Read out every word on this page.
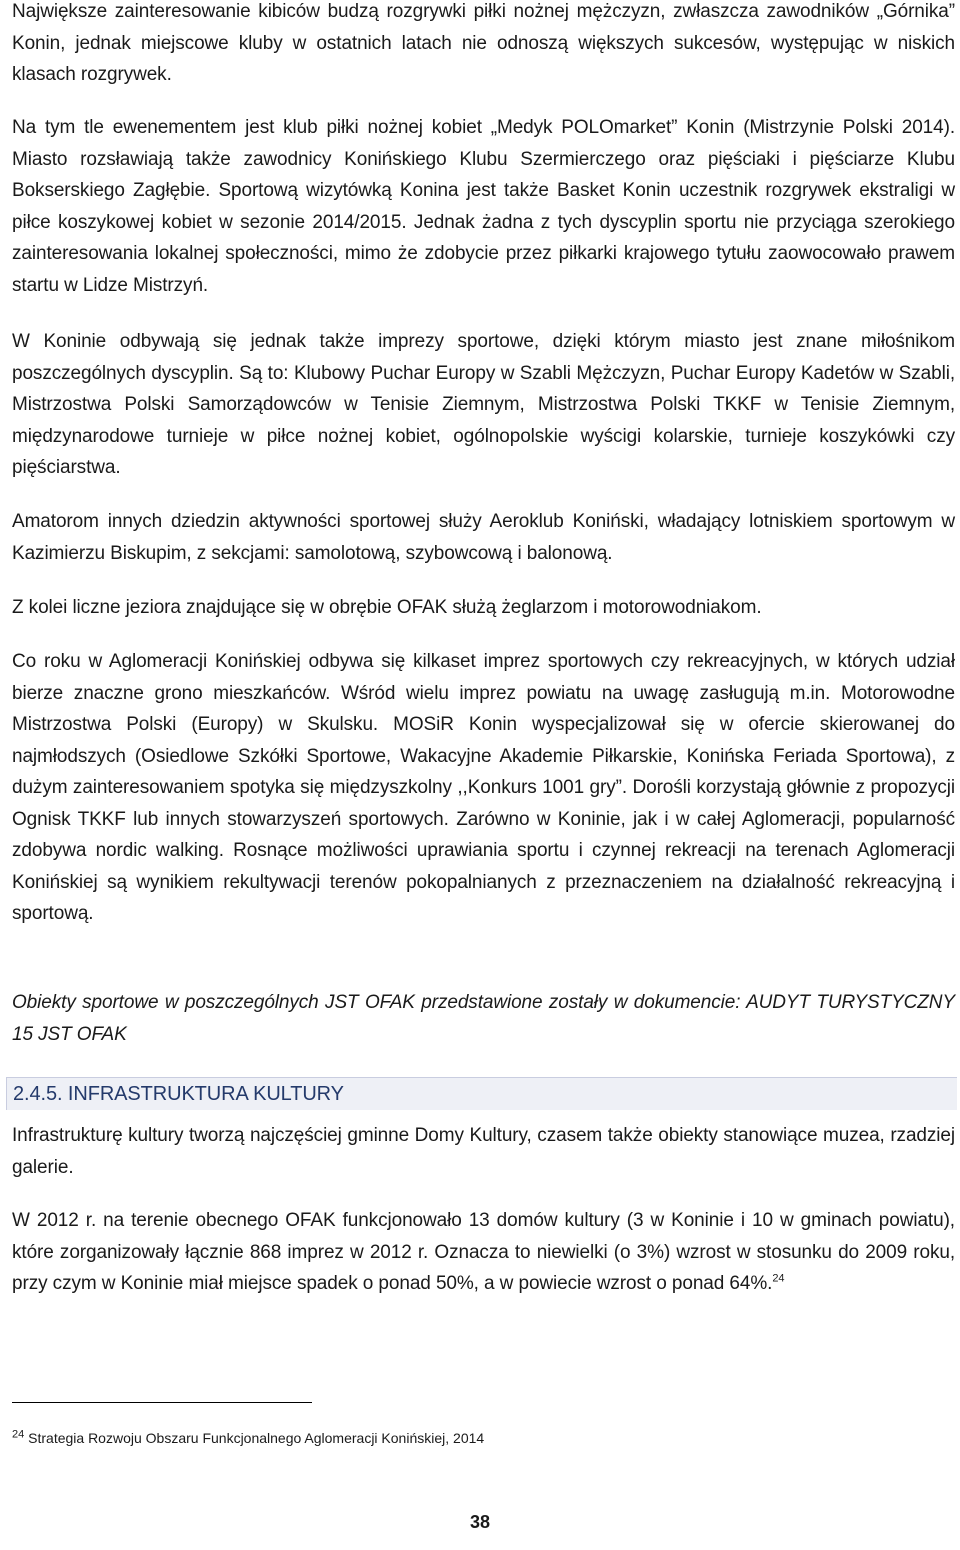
Największe zainteresowanie kibiców budzą rozgrywki piłki nożnej mężczyzn, zwłaszcza zawodników „Górnika” Konin, jednak miejscowe kluby w ostatnich latach nie odnoszą większych sukcesów, występując w niskich klasach rozgrywek.

Na tym tle ewenementem jest klub piłki nożnej kobiet „Medyk POLOmarket” Konin (Mistrzynie Polski 2014). Miasto rozsławiają także zawodnicy Konińskiego Klubu Szermierczego oraz pięściaki i pięściarze Klubu Bokserskiego Zagłębie. Sportową wizytówką Konina jest także Basket Konin uczestnik rozgrywek ekstraligi w piłce koszykowej kobiet w sezonie 2014/2015. Jednak żadna z tych dyscyplin sportu nie przyciąga szerokiego zainteresowania lokalnej społeczności, mimo że zdobycie przez piłkarki krajowego tytułu zaowocowało prawem startu w Lidze Mistrzyń.

W Koninie odbywają się jednak także imprezy sportowe, dzięki którym miasto jest znane miłośnikom poszczególnych dyscyplin. Są to: Klubowy Puchar Europy w Szabli Mężczyzn, Puchar Europy Kadetów w Szabli, Mistrzostwa Polski Samorządowców w Tenisie Ziemnym, Mistrzostwa Polski TKKF w Tenisie Ziemnym, międzynarodowe turnieje w piłce nożnej kobiet, ogólnopolskie wyścigi kolarskie, turnieje koszykówki czy pięściarstwa.

Amatorom innych dziedzin aktywności sportowej służy Aeroklub Koniński, władający lotniskiem sportowym w Kazimierzu Biskupim, z sekcjami: samolotową, szybowcową i balonową.

Z kolei liczne jeziora znajdujące się w obrębie OFAK służą żeglarzom i motorowodniakom.

Co roku w Aglomeracji Konińskiej odbywa się kilkaset imprez sportowych czy rekreacyjnych, w których udział bierze znaczne grono mieszkańców. Wśród wielu imprez powiatu na uwagę zasługują m.in. Motorowodne Mistrzostwa Polski (Europy) w Skulsku. MOSiR Konin wyspecjalizował się w ofercie skierowanej do najmłodszych (Osiedlowe Szkółki Sportowe, Wakacyjne Akademie Piłkarskie, Konińska Feriada Sportowa), z dużym zainteresowaniem spotyka się międzyszkolny ,,Konkurs 1001 gry”. Dorośli korzystają głównie z propozycji Ognisk TKKF lub innych stowarzyszeń sportowych. Zarówno w Koninie, jak i w całej Aglomeracji, popularność zdobywa nordic walking. Rosnące możliwości uprawiania sportu i czynnej rekreacji na terenach Aglomeracji Konińskiej są wynikiem rekultywacji terenów pokopalnianych z przeznaczeniem na działalność rekreacyjną i sportową.

Obiekty sportowe w poszczególnych JST OFAK przedstawione zostały w dokumencie: AUDYT TURYSTYCZNY 15 JST OFAK

2.4.5. INFRASTRUKTURA KULTURY

Infrastrukturę kultury tworzą najczęściej gminne Domy Kultury, czasem także obiekty stanowiące muzea, rzadziej galerie.

W 2012 r. na terenie obecnego OFAK funkcjonowało 13 domów kultury (3 w Koninie i 10 w gminach powiatu), które zorganizowały łącznie 868 imprez w 2012 r. Oznacza to niewielki (o 3%) wzrost w stosunku do 2009 roku, przy czym w Koninie miał miejsce spadek o ponad 50%, a w powiecie wzrost o ponad 64%.$^{24}$

$^{24}$ Strategia Rozwoju Obszaru Funkcjonalnego Aglomeracji Konińskiej, 2014
38
